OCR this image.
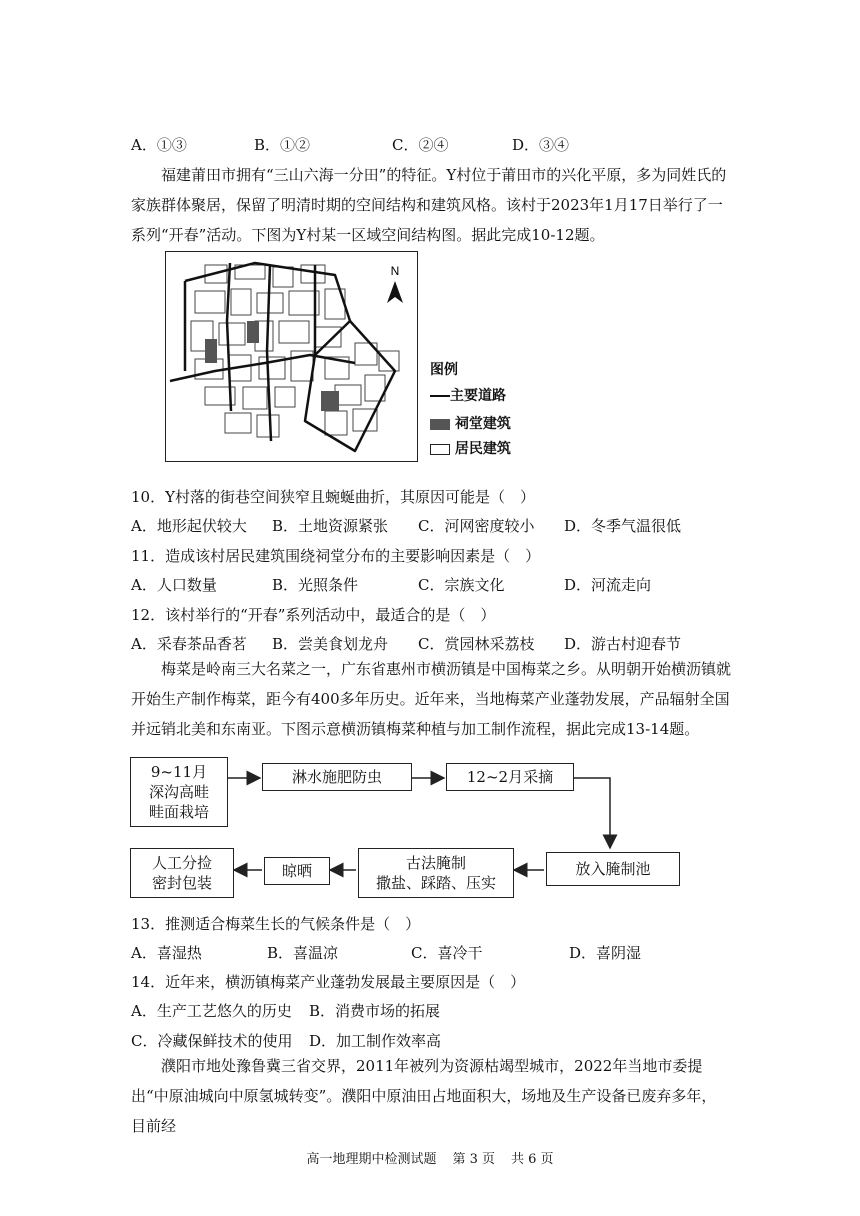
A．①③	B．①②	C．②④	D．③④
福建莆田市拥有“三山六海一分田”的特征。Y村位于莆田市的兴化平原，多为同姓氏的家族群体聚居，保留了明清时期的空间结构和建筑风格。该村于2023年1月17日举行了一系列“开春”活动。下图为Y村某一区域空间结构图。据此完成10-12题。
N
图例
主要道路
祠堂建筑
居民建筑
10．Y村落的街巷空间狭窄且蜿蜒曲折，其原因可能是（　）
A．地形起伏较大 B．土地资源紧张 C．河网密度较小 D．冬季气温很低
11．造成该村居民建筑围绕祠堂分布的主要影响因素是（　）
A．人口数量	B．光照条件	C．宗族文化	D．河流走向
12．该村举行的“开春”系列活动中，最适合的是（　）
A．采春茶品香茗 B．尝美食划龙舟 C．赏园林采荔枝 D．游古村迎春节
梅菜是岭南三大名菜之一，广东省惠州市横沥镇是中国梅菜之乡。从明朝开始横沥镇就开始生产制作梅菜，距今有400多年历史。近年来，当地梅菜产业蓬勃发展，产品辐射全国并远销北美和东南亚。下图示意横沥镇梅菜种植与加工制作流程，据此完成13-14题。
9~11月
深沟高畦
畦面栽培
淋水施肥防虫	12~2月采摘
放入腌制池
古法腌制
撒盐、踩踏、压实
晾晒
人工分捡
密封包装
13．推测适合梅菜生长的气候条件是（　）
A．喜湿热	B．喜温凉	C．喜冷干	D．喜阴湿
14．近年来，横沥镇梅菜产业蓬勃发展最主要原因是（　）
A．生产工艺悠久的历史 B．消费市场的拓展
C．冷藏保鲜技术的使用 D．加工制作效率高
濮阳市地处豫鲁冀三省交界，2011年被列为资源枯竭型城市，2022年当地市委提出“中原油城向中原氢城转变”。濮阳中原油田占地面积大，场地及生产设备已废弃多年，目前经
高一地理期中检测试题 第 3 页 共 6 页
